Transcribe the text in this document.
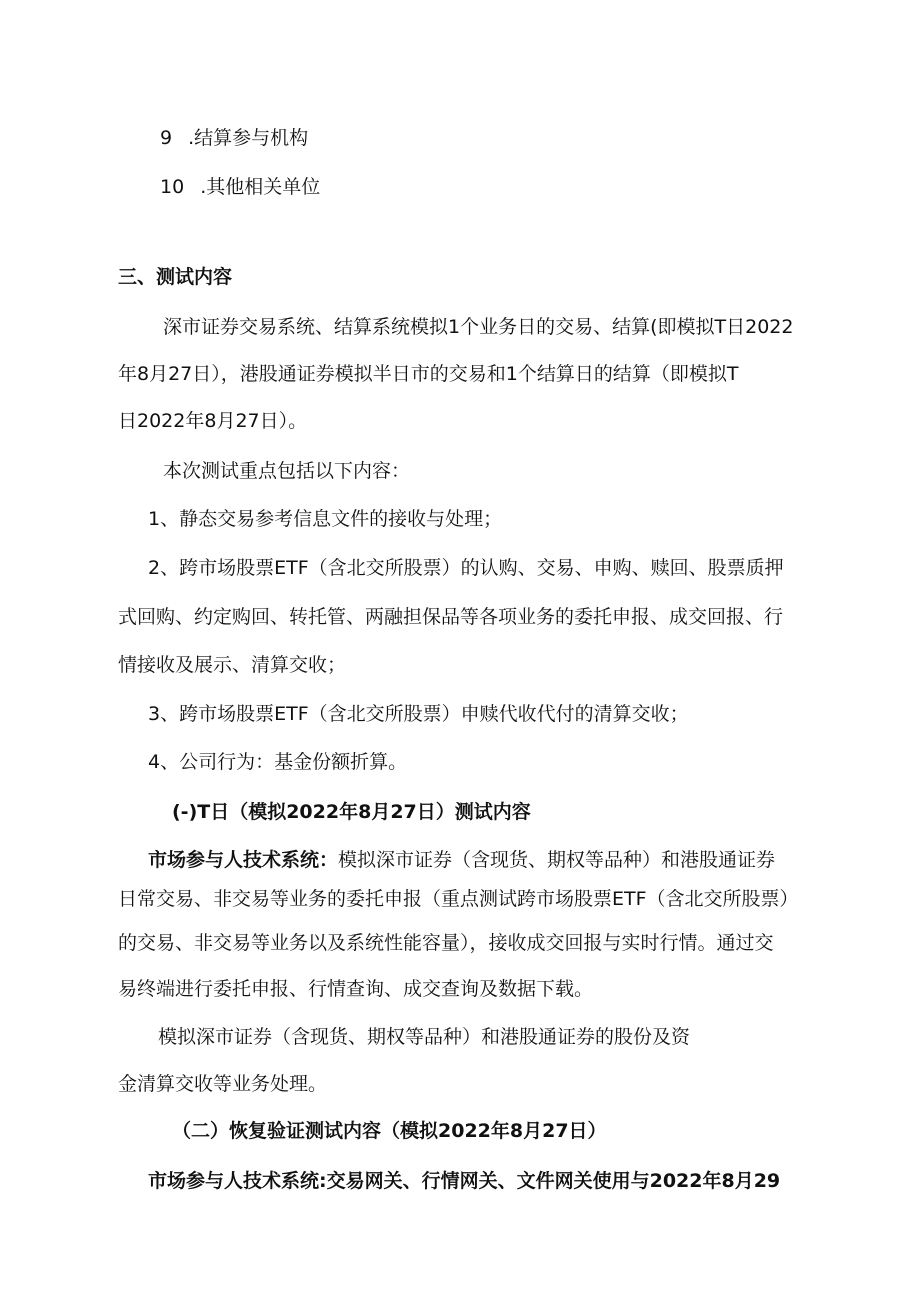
9 .结算参与机构
10 .其他相关单位
三、测试内容
深市证券交易系统、结算系统模拟1个业务日的交易、结算(即模拟T日2022
年8月27日），港股通证券模拟半日市的交易和1个结算日的结算（即模拟T
日2022年8月27日）。
本次测试重点包括以下内容：
1、静态交易参考信息文件的接收与处理；
2、跨市场股票ETF（含北交所股票）的认购、交易、申购、赎回、股票质押
式回购、约定购回、转托管、两融担保品等各项业务的委托申报、成交回报、行
情接收及展示、清算交收；
3、跨市场股票ETF（含北交所股票）申赎代收代付的清算交收；
4、公司行为：基金份额折算。
(-)T日（模拟2022年8月27日）测试内容
市场参与人技术系统：模拟深市证券（含现货、期权等品种）和港股通证券
日常交易、非交易等业务的委托申报（重点测试跨市场股票ETF（含北交所股票）
的交易、非交易等业务以及系统性能容量），接收成交回报与实时行情。通过交
易终端进行委托申报、行情查询、成交查询及数据下载。
模拟深市证券（含现货、期权等品种）和港股通证券的股份及资
金清算交收等业务处理。
（二）恢复验证测试内容（模拟2022年8月27日）
市场参与人技术系统:交易网关、行情网关、文件网关使用与2022年8月29
